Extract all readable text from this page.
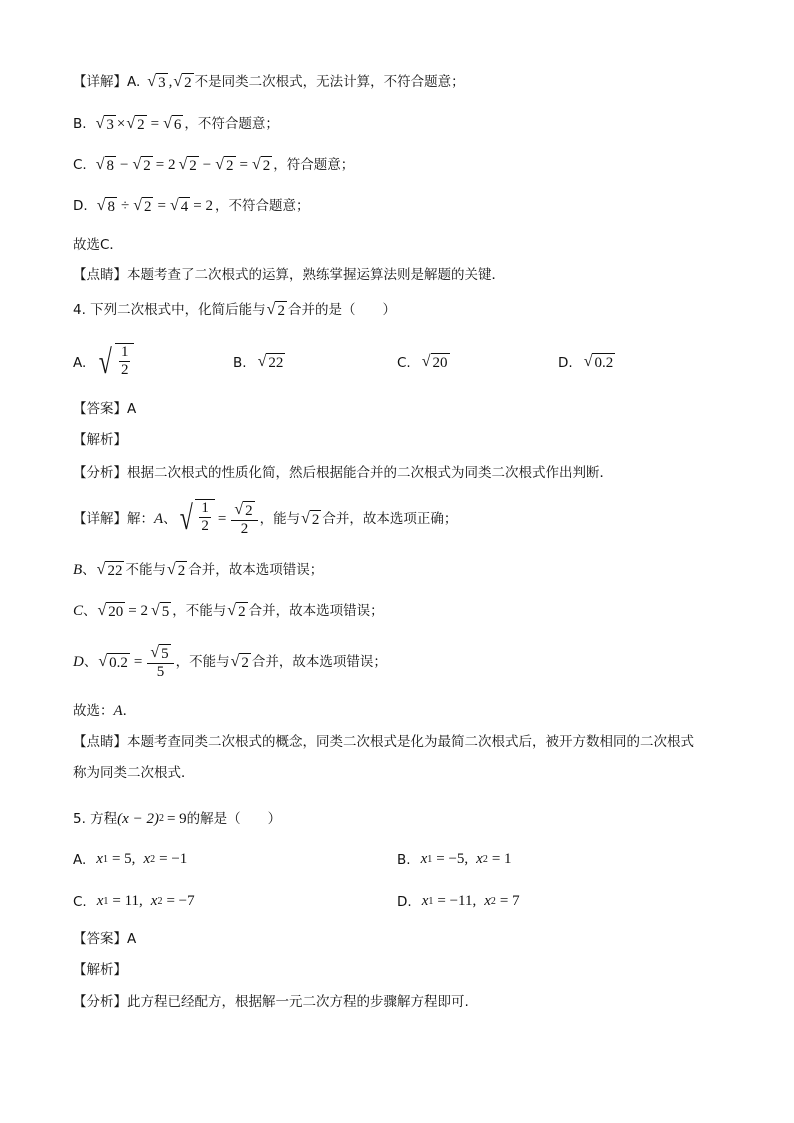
【详解】 A. √ 3 , √ 2 不是同类二次根式，无法计算，不符合题意；
B. √ 3 × √ 2 = √ 6 ，不符合题意；
C. √ 8 − √ 2 = 2 √ 2 − √ 2 = √ 2 ，符合题意；
D. √ 8 ÷ √ 2 = √ 4 = 2 ，不符合题意；
故选C．
【点睛】 本题考查了二次根式的运算，熟练掌握运算法则是解题的关键．
4. 下列二次根式中，化简后能与 √ 2 合并的是（　　）
A. √ $\frac{1}{2}$	B. √ 22	C. √ 20	D. √ 0.2
【答案】 A
【解析】
【分析】 根据二次根式的性质化简，然后根据能合并的二次根式为同类二次根式作出判断．
【详解】 解： A 、 √ $\frac{1}{2} = \frac{√ 2}{2}$ ，能与 √ 2 合并，故本选项正确；
B 、 √ 22 不能与 √ 2 合并，故本选项错误；
C 、 √ 20 = 2 √ 5 ，不能与 √ 2 合并，故本选项错误；
D 、 √ $0.2 = \frac{√ 5}{5}$ ，不能与 √ 2 合并，故本选项错误；
故选： A ．
【点睛】 本题考查同类二次根式的概念，同类二次根式是化为最简二次根式后，被开方数相同的二次根式
称为同类二次根式．
5. 方程 (x − 2) 2 = 9 的解是（　　）
A. x 1 = 5, x 2 = −1	B. x 1 = −5, x 2 = 1
C. x 1 = 11, x 2 = −7	D. x 1 = −11, x 2 = 7
【答案】 A
【解析】
【分析】 此方程已经配方，根据解一元二次方程的步骤解方程即可.
